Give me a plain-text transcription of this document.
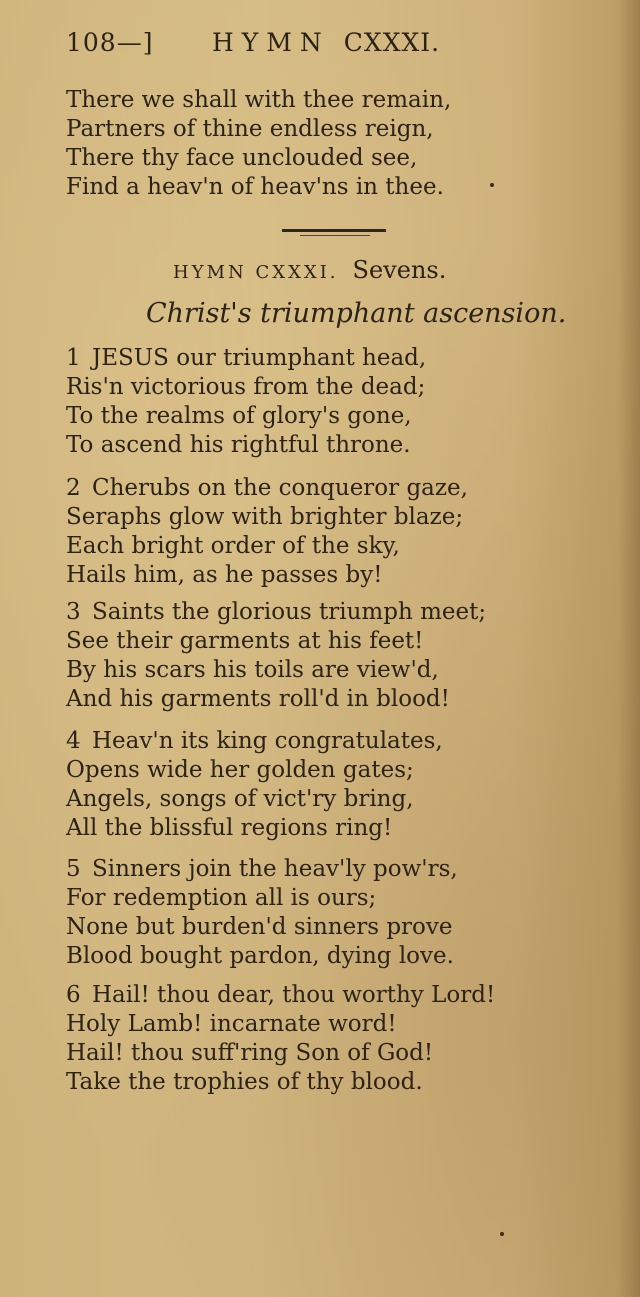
108—] HYMN CXXXI.
There we shall with thee remain,
Partners of thine endless reign,
There thy face unclouded see,
Find a heav'n of heav'ns in thee.
HYMN CXXXI. Sevens.
Christ's triumphant ascension.
1 JESUS our triumphant head,
Ris'n victorious from the dead;
To the realms of glory's gone,
To ascend his rightful throne.
2 Cherubs on the conqueror gaze,
Seraphs glow with brighter blaze;
Each bright order of the sky,
Hails him, as he passes by!
3 Saints the glorious triumph meet;
See their garments at his feet!
By his scars his toils are view'd,
And his garments roll'd in blood!
4 Heav'n its king congratulates,
Opens wide her golden gates;
Angels, songs of vict'ry bring,
All the blissful regions ring!
5 Sinners join the heav'ly pow'rs,
For redemption all is ours;
None but burden'd sinners prove
Blood bought pardon, dying love.
6 Hail! thou dear, thou worthy Lord!
Holy Lamb! incarnate word!
Hail! thou suff'ring Son of God!
Take the trophies of thy blood.
